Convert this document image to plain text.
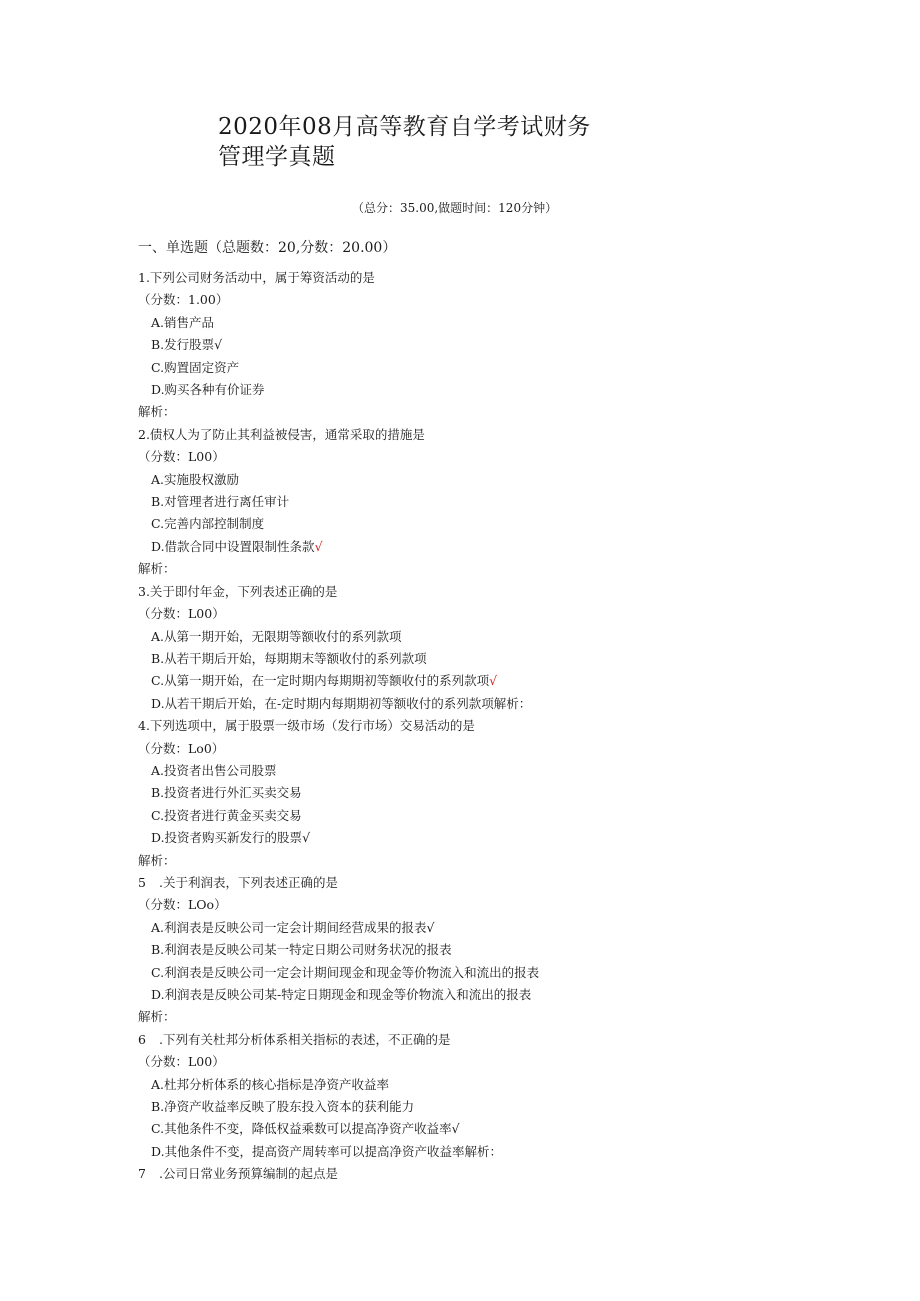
2020年08月高等教育自学考试财务
管理学真题
（总分：35.00,做题时间：120分钟）
一、单选题（总题数：20,分数：20.00）
1.下列公司财务活动中，属于筹资活动的是
（分数：1.00）
A.销售产品
B.发行股票√
C.购置固定资产
D.购买各种有价证券
解析：
2.债权人为了防止其利益被侵害，通常采取的措施是
（分数：L00）
A.实施股权激励
B.对管理者进行离任审计
C.完善内部控制制度
D.借款合同中设置限制性条款√
解析：
3.关于即付年金，下列表述正确的是
（分数：L00）
A.从第一期开始，无限期等额收付的系列款项
B.从若干期后开始，每期期末等额收付的系列款项
C.从第一期开始，在一定时期内每期期初等额收付的系列款项√
D.从若干期后开始，在-定时期内每期期初等额收付的系列款项解析：
4.下列选项中，属于股票一级市场（发行市场）交易活动的是
（分数：Lo0）
A.投资者出售公司股票
B.投资者进行外汇买卖交易
C.投资者进行黄金买卖交易
D.投资者购买新发行的股票√
解析：
5 .关于利润表，下列表述正确的是
（分数：LOo）
A.利润表是反映公司一定会计期间经营成果的报表√
B.利润表是反映公司某一特定日期公司财务状况的报表
C.利润表是反映公司一定会计期间现金和现金等价物流入和流出的报表
D.利润表是反映公司某-特定日期现金和现金等价物流入和流出的报表
解析：
6 .下列有关杜邦分析体系相关指标的表述，不正确的是
（分数：L00）
A.杜邦分析体系的核心指标是净资产收益率
B.净资产收益率反映了股东投入资本的获利能力
C.其他条件不变，降低权益乘数可以提高净资产收益率√
D.其他条件不变，提高资产周转率可以提高净资产收益率解析：
7 .公司日常业务预算编制的起点是
